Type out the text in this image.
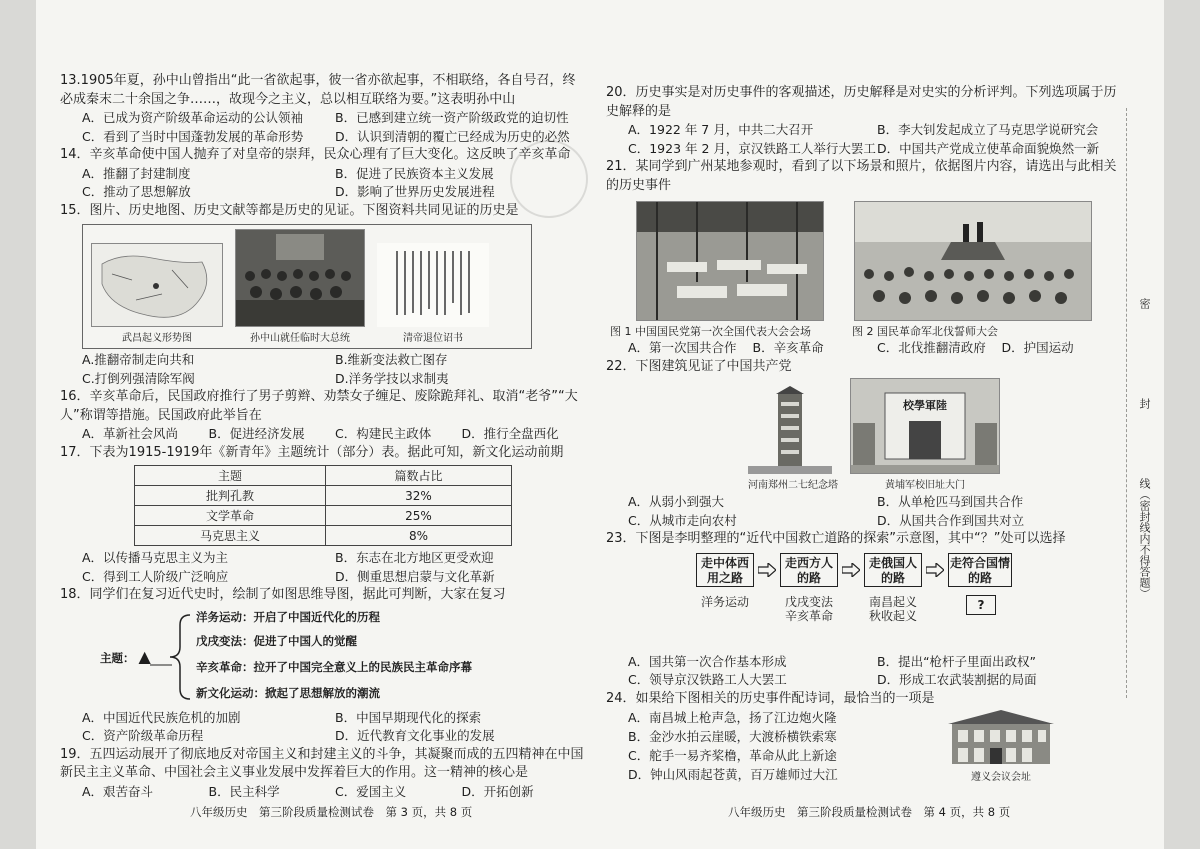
13.1905年夏，孙中山曾指出“此一省欲起事，彼一省亦欲起事，不相联络，各自号召，终必成秦末二十余国之争……，故现今之主义，总以相互联络为要。”这表明孙中山

A．已成为资产阶级革命运动的公认领袖	B．已感到建立统一资产阶级政党的迫切性
C．看到了当时中国蓬勃发展的革命形势	D．认识到清朝的覆亡已经成为历史的必然

14．辛亥革命使中国人抛弃了对皇帝的崇拜，民众心理有了巨大变化。这反映了辛亥革命

A．推翻了封建制度	B．促进了民族资本主义发展
C．推动了思想解放	D．影响了世界历史发展进程

15．图片、历史地图、历史文献等都是历史的见证。下图资料共同见证的历史是

武昌起义形势图	孙中山就任临时大总统	清帝退位诏书
A.推翻帝制走向共和	B.维新变法救亡图存
C.打倒列强清除军阀	D.洋务学技以求制夷

16．辛亥革命后，民国政府推行了男子剪辫、劝禁女子缠足、废除跪拜礼、取消“老爷”“大人”称谓等措施。民国政府此举旨在

A．革新社会风尚	B．促进经济发展	C．构建民主政体	D．推行全盘西化

17．下表为1915-1919年《新青年》主题统计（部分）表。据此可知，新文化运动前期

主题	篇数占比
批判孔教	32%
文学革命	25%
马克思主义	8%
A．以传播马克思主义为主	B．东志在北方地区更受欢迎
C．得到工人阶级广泛响应	D．侧重思想启蒙与文化革新

18．同学们在复习近代史时，绘制了如图思维导图，据此可判断，大家在复习

主题： ▲
洋务运动：开启了中国近代化的历程
戊戌变法：促进了中国人的觉醒
辛亥革命：拉开了中国完全意义上的民族民主革命序幕
新文化运动：掀起了思想解放的潮流
A．中国近代民族危机的加剧	B．中国早期现代化的探索
C．资产阶级革命历程	D．近代教育文化事业的发展

19．五四运动展开了彻底地反对帝国主义和封建主义的斗争，其凝聚而成的五四精神在中国新民主主义革命、中国社会主义事业发展中发挥着巨大的作用。这一精神的核心是

A．艰苦奋斗	B．民主科学	C．爱国主义	D．开拓创新
八年级历史　第三阶段质量检测试卷　第 3 页，共 8 页

20．历史事实是对历史事件的客观描述，历史解释是对史实的分析评判。下列选项属于历史解释的是

A．1922 年 7 月，中共二大召开	B．李大钊发起成立了马克思学说研究会
C．1923 年 2 月，京汉铁路工人举行大罢工 D．中国共产党成立使革命面貌焕然一新

21．某同学到广州某地参观时，看到了以下场景和照片，依据图片内容，请选出与此相关的历史事件

图 1 中国国民党第一次全国代表大会会场	图 2 国民革命军北伐誓师大会
A．第一次国共合作	B．辛亥革命	C．北伐推翻清政府	D．护国运动

22．下图建筑见证了中国共产党

河南郑州二七纪念塔
校學軍陸
黄埔军校旧址大门
A．从弱小到强大	B．从单枪匹马到国共合作
C．从城市走向农村	D．从国共合作到国共对立

23．下图是李明整理的“近代中国救亡道路的探索”示意图，其中“？”处可以选择

走中体西用之路
走西方人的路
走俄国人的路
走符合国情的路
洋务运动	戊戌变法
辛亥革命
南昌起义
秋收起义
?
A．国共第一次合作基本形成	B．提出“枪杆子里面出政权”
C．领导京汉铁路工人大罢工	D．形成工农武装割据的局面

24．如果给下图相关的历史事件配诗词，最恰当的一项是

A．南昌城上枪声急，扬了江边炮火隆
B．金沙水拍云崖暖，大渡桥横铁索寒
C．舵手一易齐桨橹，革命从此上新途
D．钟山风雨起苍黄，百万雄师过大江	遵义会议会址
八年级历史　第三阶段质量检测试卷　第 4 页，共 8 页
密
封
线（密封线内不得答题）
